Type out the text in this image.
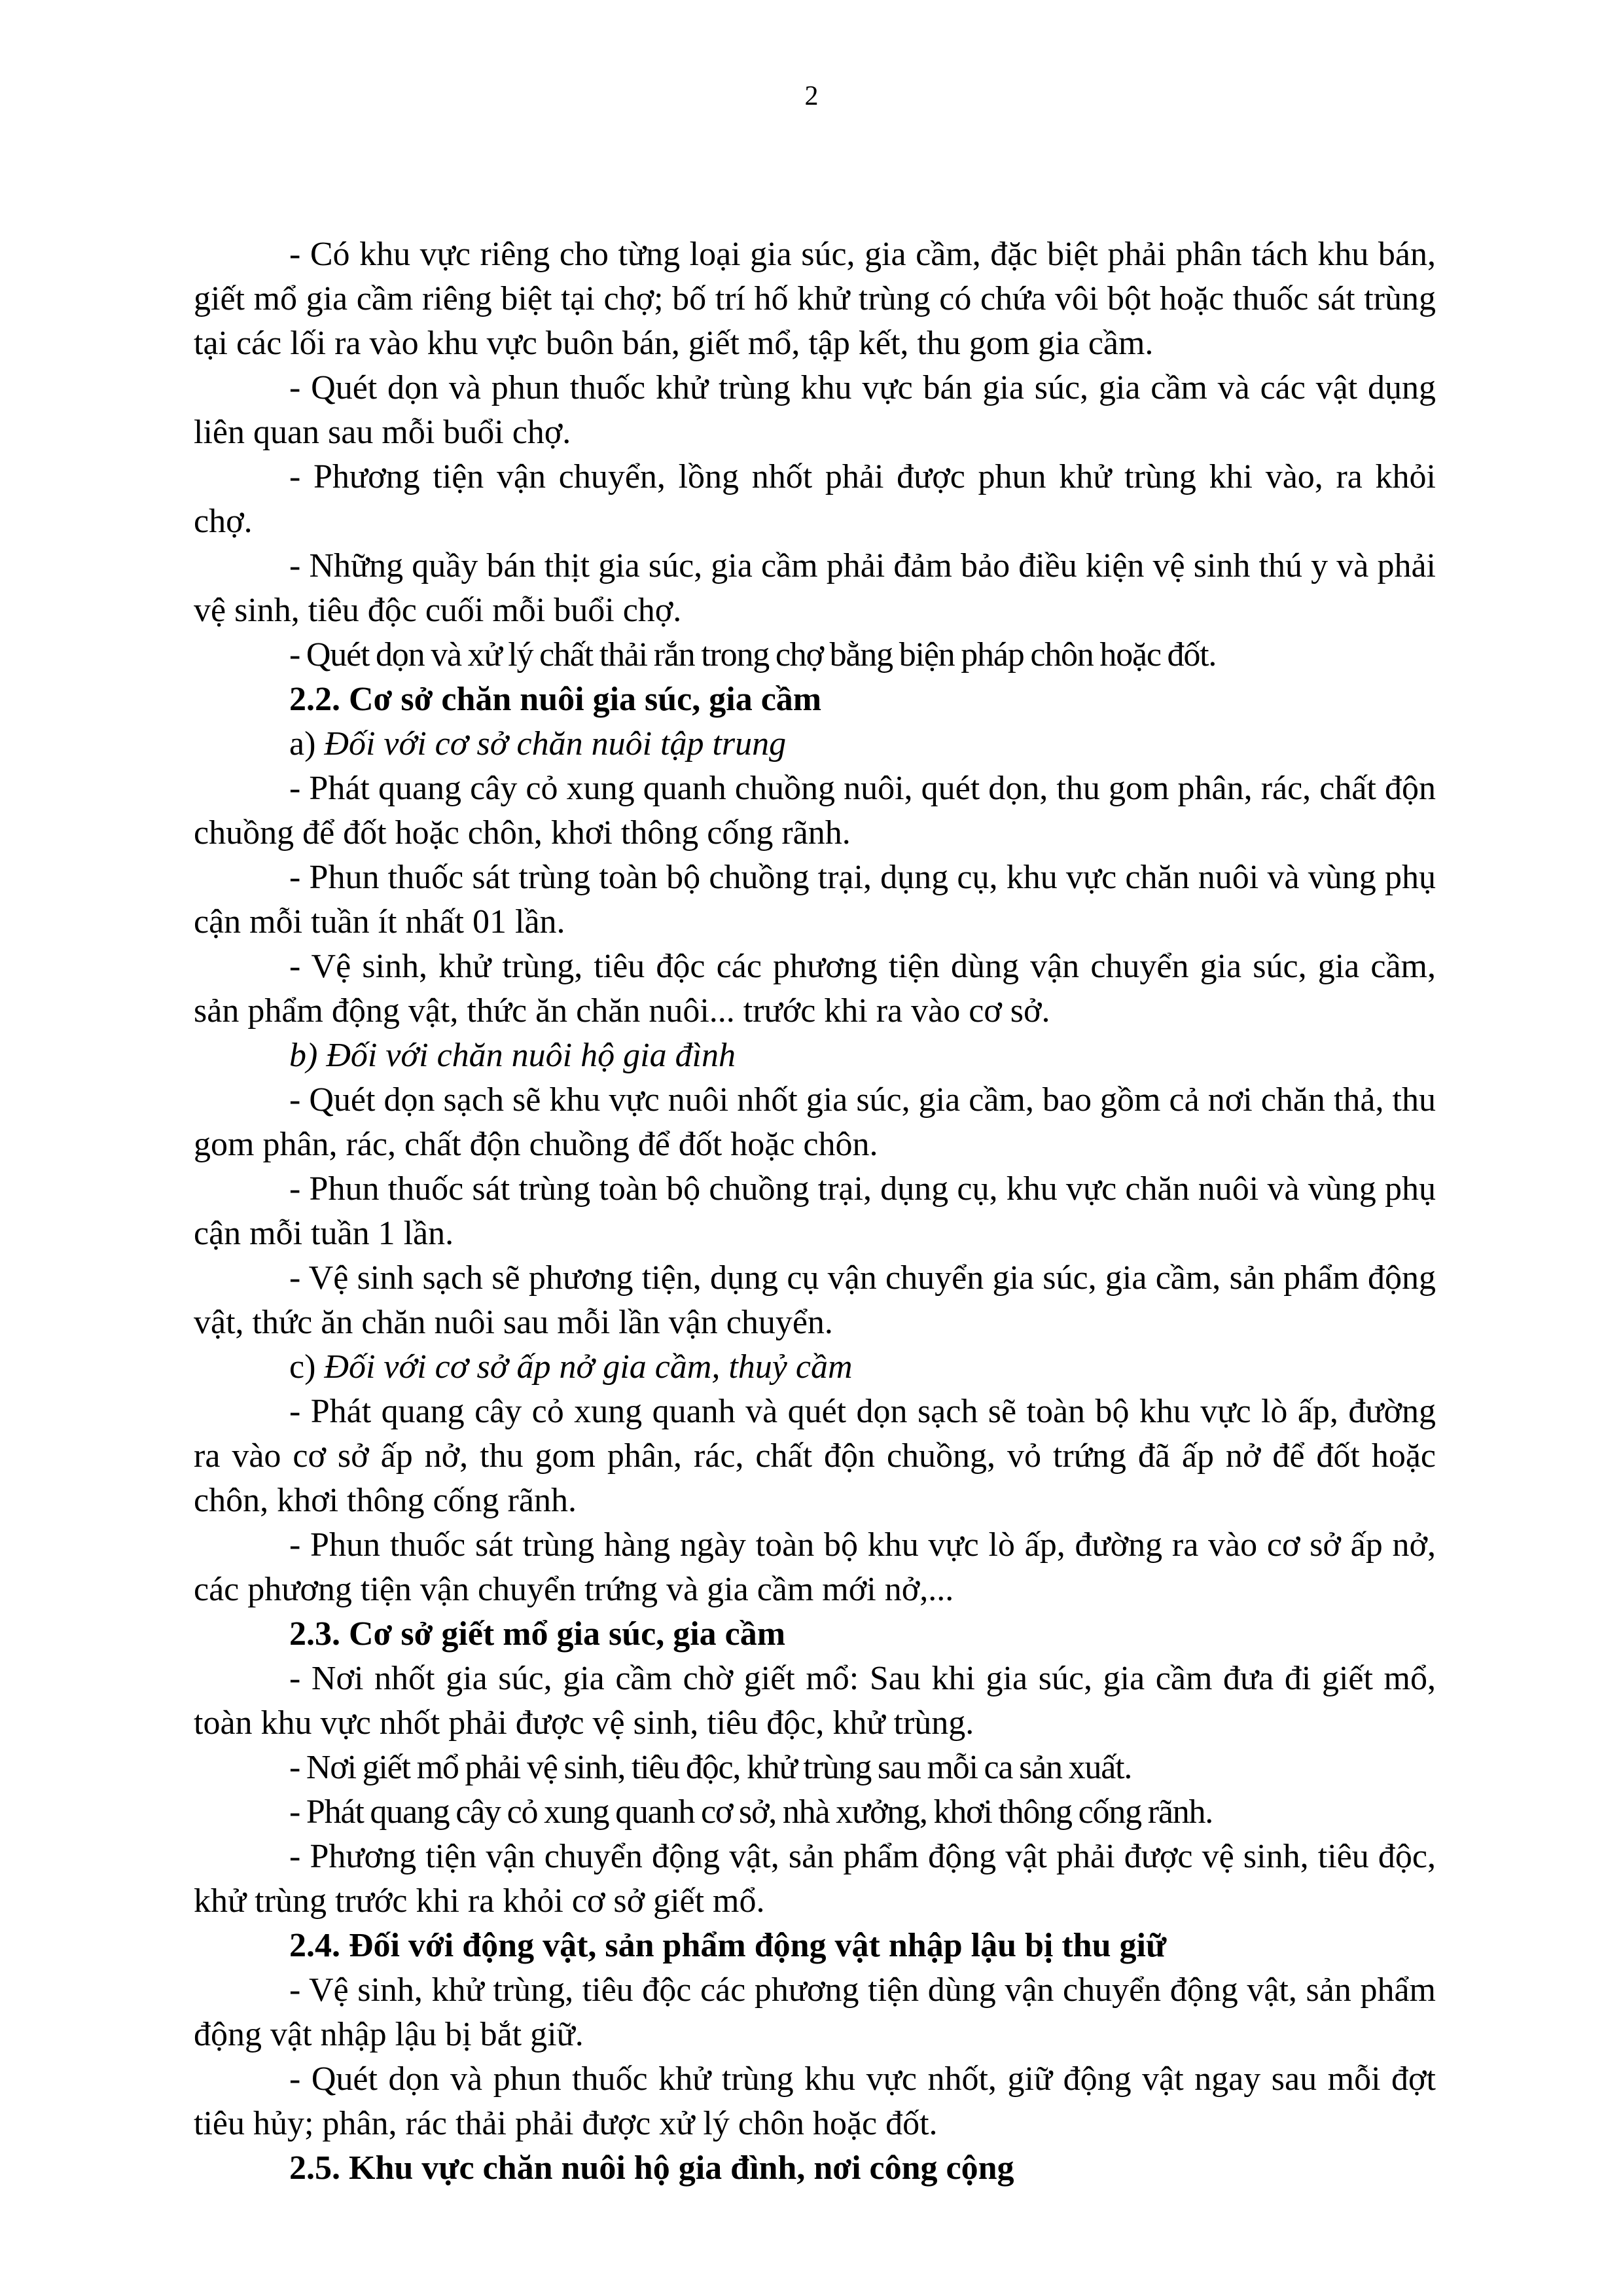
2

- Có khu vực riêng cho từng loại gia súc, gia cầm, đặc biệt phải phân tách khu bán, giết mổ gia cầm riêng biệt tại chợ; bố trí hố khử trùng có chứa vôi bột hoặc thuốc sát trùng tại các lối ra vào khu vực buôn bán, giết mổ, tập kết, thu gom gia cầm.

- Quét dọn và phun thuốc khử trùng khu vực bán gia súc, gia cầm và các vật dụng liên quan sau mỗi buổi chợ.

- Phương tiện vận chuyển, lồng nhốt phải được phun khử trùng khi vào, ra khỏi chợ.

- Những quầy bán thịt gia súc, gia cầm phải đảm bảo điều kiện vệ sinh thú y và phải vệ sinh, tiêu độc cuối mỗi buổi chợ.

- Quét dọn và xử lý chất thải rắn trong chợ bằng biện pháp chôn hoặc đốt.

2.2. Cơ sở chăn nuôi gia súc, gia cầm

a) Đối với cơ sở chăn nuôi tập trung

- Phát quang cây cỏ xung quanh chuồng nuôi, quét dọn, thu gom phân, rác, chất độn chuồng để đốt hoặc chôn, khơi thông cống rãnh.

- Phun thuốc sát trùng toàn bộ chuồng trại, dụng cụ, khu vực chăn nuôi và vùng phụ cận mỗi tuần ít nhất 01 lần.

- Vệ sinh, khử trùng, tiêu độc các phương tiện dùng vận chuyển gia súc, gia cầm, sản phẩm động vật, thức ăn chăn nuôi... trước khi ra vào cơ sở.

b) Đối với chăn nuôi hộ gia đình

- Quét dọn sạch sẽ khu vực nuôi nhốt gia súc, gia cầm, bao gồm cả nơi chăn thả, thu gom phân, rác, chất độn chuồng để đốt hoặc chôn.

- Phun thuốc sát trùng toàn bộ chuồng trại, dụng cụ, khu vực chăn nuôi và vùng phụ cận mỗi tuần 1 lần.

- Vệ sinh sạch sẽ phương tiện, dụng cụ vận chuyển gia súc, gia cầm, sản phẩm động vật, thức ăn chăn nuôi sau mỗi lần vận chuyển.

c) Đối với cơ sở ấp nở gia cầm, thuỷ cầm

- Phát quang cây cỏ xung quanh và quét dọn sạch sẽ toàn bộ khu vực lò ấp, đường ra vào cơ sở ấp nở, thu gom phân, rác, chất độn chuồng, vỏ trứng đã ấp nở để đốt hoặc chôn, khơi thông cống rãnh.

- Phun thuốc sát trùng hàng ngày toàn bộ khu vực lò ấp, đường ra vào cơ sở ấp nở, các phương tiện vận chuyển trứng và gia cầm mới nở,...

2.3. Cơ sở giết mổ gia súc, gia cầm

- Nơi nhốt gia súc, gia cầm chờ giết mổ: Sau khi gia súc, gia cầm đưa đi giết mổ, toàn khu vực nhốt phải được vệ sinh, tiêu độc, khử trùng.

- Nơi giết mổ phải vệ sinh, tiêu độc, khử trùng sau mỗi ca sản xuất.

- Phát quang cây cỏ xung quanh cơ sở, nhà xưởng, khơi thông cống rãnh.

- Phương tiện vận chuyển động vật, sản phẩm động vật phải được vệ sinh, tiêu độc, khử trùng trước khi ra khỏi cơ sở giết mổ.

2.4. Đối với động vật, sản phẩm động vật nhập lậu bị thu giữ

- Vệ sinh, khử trùng, tiêu độc các phương tiện dùng vận chuyển động vật, sản phẩm động vật nhập lậu bị bắt giữ.

- Quét dọn và phun thuốc khử trùng khu vực nhốt, giữ động vật ngay sau mỗi đợt tiêu hủy; phân, rác thải phải được xử lý chôn hoặc đốt.

2.5. Khu vực chăn nuôi hộ gia đình, nơi công cộng
